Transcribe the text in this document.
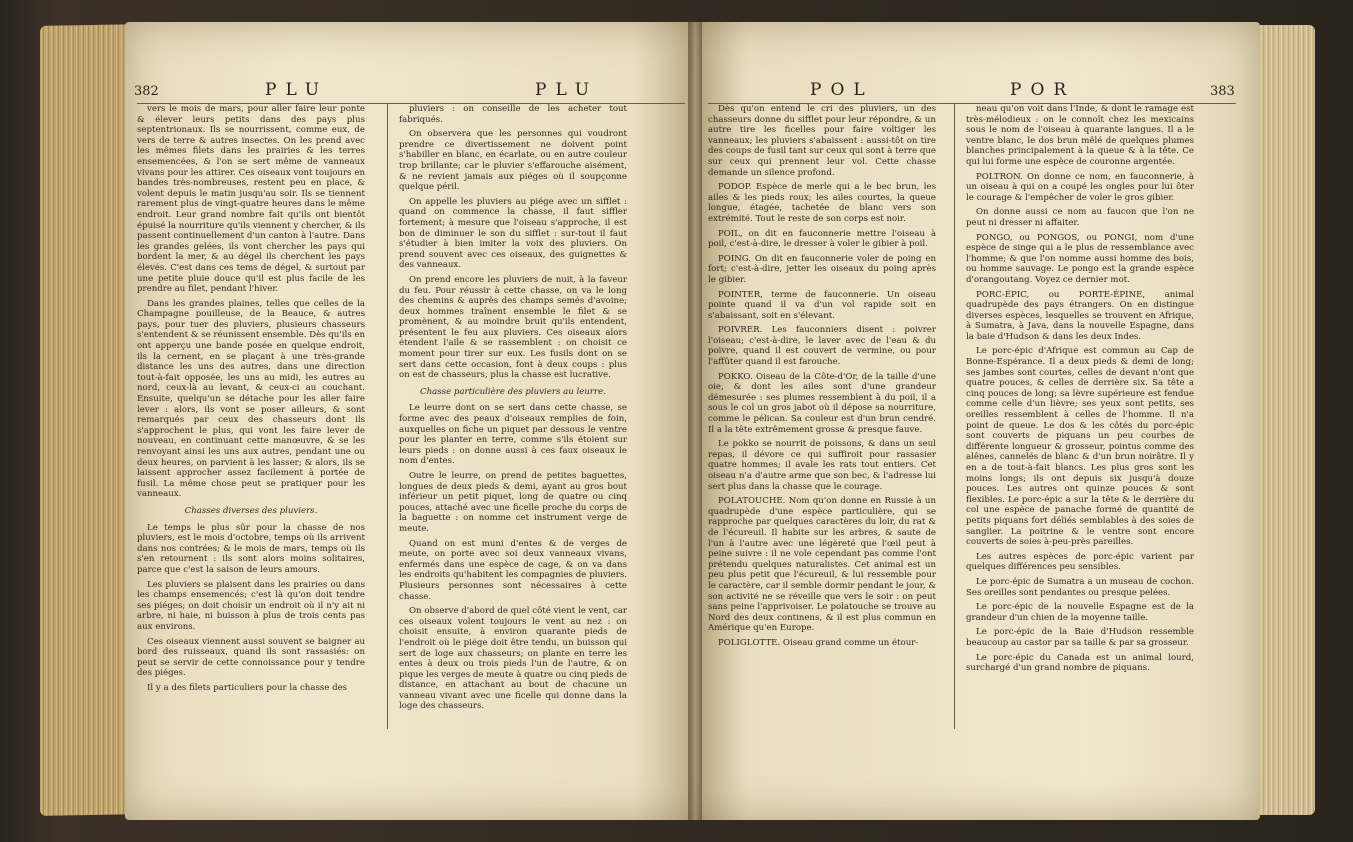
382	PLU	PLU

vers le mois de mars, pour aller faire leur ponte & élever leurs petits dans des pays plus septentrionaux. Ils se nourrissent, comme eux, de vers de terre & autres insectes. On les prend avec les mêmes filets dans les prairies & les terres ensemencées, & l'on se sert même de vanneaux vivans pour les attirer. Ces oiseaux vont toujours en bandes très-nombreuses, restent peu en place, & volent depuis le matin jusqu'au soir. Ils se tiennent rarement plus de vingt-quatre heures dans le même endroit. Leur grand nombre fait qu'ils ont bientôt épuisé la nourriture qu'ils viennent y chercher, & ils passent continuellement d'un canton à l'autre. Dans les grandes gelées, ils vont chercher les pays qui bordent la mer, & au dégel ils cherchent les pays élevés. C'est dans ces tems de dégel, & surtout par une petite pluie douce qu'il est plus facile de les prendre au filet, pendant l'hiver.

Dans les grandes plaines, telles que celles de la Champagne pouilleuse, de la Beauce, & autres pays, pour tuer des pluviers, plusieurs chasseurs s'entendent & se réunissent ensemble. Dès qu'ils en ont apperçu une bande posée en quelque endroit, ils la cernent, en se plaçant à une très-grande distance les uns des autres, dans une direction tout-à-fait opposée, les uns au midi, les autres au nord, ceux-là au levant, & ceux-ci au couchant. Ensuite, quelqu'un se détache pour les aller faire lever : alors, ils vont se poser ailleurs, & sont remarqués par ceux des chasseurs dont ils s'approchent le plus, qui vont les faire lever de nouveau, en continuant cette manœuvre, & se les renvoyant ainsi les uns aux autres, pendant une ou deux heures, on parvient à les lasser; & alors, ils se laissent approcher assez facilement à portée de fusil. La même chose peut se pratiquer pour les vanneaux.

Chasses diverses des pluviers.

Le temps le plus sûr pour la chasse de nos pluviers, est le mois d'octobre, temps où ils arrivent dans nos contrées; & le mois de mars, temps où ils s'en retournent : ils sont alors moins solitaires, parce que c'est la saison de leurs amours.

Les pluviers se plaisent dans les prairies ou dans les champs ensemencés; c'est là qu'on doit tendre ses piéges; on doit choisir un endroit où il n'y ait ni arbre, ni haie, ni buisson à plus de trois cents pas aux environs.

Ces oiseaux viennent aussi souvent se baigner au bord des ruisseaux, quand ils sont rassasiés: on peut se servir de cette connoissance pour y tendre des piéges.

Il y a des filets particuliers pour la chasse des

pluviers : on conseille de les acheter tout fabriqués.

On observera que les personnes qui voudront prendre ce divertissement ne doivent point s'habiller en blanc, en écarlate, ou en autre couleur trop brillante; car le pluvier s'effarouche aisément, & ne revient jamais aux piéges où il soupçonne quelque péril.

On appelle les pluviers au piége avec un sifflet : quand on commence la chasse, il faut siffler fortement; à mesure que l'oiseau s'approche, il est bon de diminuer le son du sifflet : sur-tout il faut s'étudier à bien imiter la voix des pluviers. On prend souvent avec ces oiseaux, des guignettes & des vanneaux.

On prend encore les pluviers de nuit, à la faveur du feu. Pour réussir à cette chasse, on va le long des chemins & auprès des champs semés d'avoine; deux hommes traînent ensemble le filet & se promènent, & au moindre bruit qu'ils entendent, présentent le feu aux pluviers. Ces oiseaux alors étendent l'aile & se rassemblent : on choisit ce moment pour tirer sur eux. Les fusils dont on se sert dans cette occasion, font à deux coups : plus on est de chasseurs, plus la chasse est lucrative.

Chasse particulière des pluviers au leurre.

Le leurre dont on se sert dans cette chasse, se forme avec des peaux d'oiseaux remplies de foin, auxquelles on fiche un piquet par dessous le ventre pour les planter en terre, comme s'ils étoient sur leurs pieds : on donne aussi à ces faux oiseaux le nom d'entes.

Outre le leurre, on prend de petites baguettes, longues de deux pieds & demi, ayant au gros bout inférieur un petit piquet, long de quatre ou cinq pouces, attaché avec une ficelle proche du corps de la baguette : on nomme cet instrument verge de meute.

Quand on est muni d'entes & de verges de meute, on porte avec soi deux vanneaux vivans, enfermés dans une espèce de cage, & on va dans les endroits qu'habitent les compagnies de pluviers. Plusieurs personnes sont nécessaires à cette chasse.

On observe d'abord de quel côté vient le vent, car ces oiseaux volent toujours le vent au nez : on choisit ensuite, à environ quarante pieds de l'endroit où le piége doit être tendu, un buisson qui sert de loge aux chasseurs; on plante en terre les entes à deux ou trois pieds l'un de l'autre, & on pique les verges de meute à quatre ou cinq pieds de distance, en attachant au bout de chacune un vanneau vivant avec une ficelle qui donne dans la loge des chasseurs.

POL	POR	383

Dès qu'on entend le cri des pluviers, un des chasseurs donne du sifflet pour leur répondre, & un autre tire les ficelles pour faire voltiger les vanneaux; les pluviers s'abaissent : aussi-tôt on tire des coups de fusil tant sur ceux qui sont à terre que sur ceux qui prennent leur vol. Cette chasse demande un silence profond.

PODOP. Espèce de merle qui a le bec brun, les ailes & les pieds roux; les ailes courtes, la queue longue, étagée, tachetée de blanc vers son extrémité. Tout le reste de son corps est noir.

POIL, on dit en fauconnerie mettre l'oiseau à poil, c'est-à-dire, le dresser à voler le gibier à poil.

POING. On dit en fauconnerie voler de poing en fort; c'est-à-dire, jetter les oiseaux du poing après le gibier.

POINTER, terme de fauconnerie. Un oiseau pointe quand il va d'un vol rapide soit en s'abaissant, soit en s'élevant.

POIVRER. Les fauconniers disent : poivrer l'oiseau; c'est-à-dire, le laver avec de l'eau & du poivre, quand il est couvert de vermine, ou pour l'affûter quand il est farouche.

POKKO. Oiseau de la Côte-d'Or, de la taille d'une oie, & dont les ailes sont d'une grandeur démesurée : ses plumes ressemblent à du poil, il a sous le col un gros jabot où il dépose sa nourriture, comme le pélican. Sa couleur est d'un brun cendré. Il a la tête extrêmement grosse & presque fauve.

Le pokko se nourrit de poissons, & dans un seul repas, il dévore ce qui suffiroit pour rassasier quatre hommes; il avale les rats tout entiers. Cet oiseau n'a d'autre arme que son bec, & l'adresse lui sert plus dans la chasse que le courage.

POLATOUCHE. Nom qu'on donne en Russie à un quadrupède d'une espèce particulière, qui se rapproche par quelques caractères du loir, du rat & de l'écureuil. Il habite sur les arbres, & saute de l'un à l'autre avec une légèreté que l'œil peut à peine suivre : il ne vole cependant pas comme l'ont prétendu quelques naturalistes. Cet animal est un peu plus petit que l'écureuil, & lui ressemble pour le caractère, car il semble dormir pendant le jour, & son activité ne se réveille que vers le soir : on peut sans peine l'apprivoiser. Le polatouche se trouve au Nord des deux continens, & il est plus commun en Amérique qu'en Europe.

POLIGLOTTE. Oiseau grand comme un étour-

neau qu'on voit dans l'Inde, & dont le ramage est très-mélodieux : on le connoît chez les mexicains sous le nom de l'oiseau à quarante langues. Il a le ventre blanc, le dos brun mêlé de quelques plumes blanches principalement à la queue & à la tête. Ce qui lui forme une espèce de couronne argentée.

POLTRON. On donne ce nom, en fauconnerie, à un oiseau à qui on a coupé les ongles pour lui ôter le courage & l'empêcher de voler le gros gibier.

On donne aussi ce nom au faucon que l'on ne peut ni dresser ni affaiter.

PONGO, ou PONGOS, ou PONGI, nom d'une espèce de singe qui a le plus de ressemblance avec l'homme; & que l'on nomme aussi homme des bois, ou homme sauvage. Le pongo est la grande espèce d'orangoutang. Voyez ce dernier mot.

PORC-ÉPIC, ou PORTE-ÉPINE, animal quadrupède des pays étrangers. On en distingue diverses espèces, lesquelles se trouvent en Afrique, à Sumatra, à Java, dans la nouvelle Espagne, dans la baie d'Hudson & dans les deux Indes.

Le porc-épic d'Afrique est commun au Cap de Bonne-Espérance. Il a deux pieds & demi de long; ses jambes sont courtes, celles de devant n'ont que quatre pouces, & celles de derrière six. Sa tête a cinq pouces de long; sa lèvre supérieure est fendue comme celle d'un lièvre; ses yeux sont petits, ses oreilles ressemblent à celles de l'homme. Il n'a point de queue. Le dos & les côtés du porc-épic sont couverts de piquans un peu courbes de différente longueur & grosseur, pointus comme des alênes, cannelés de blanc & d'un brun noirâtre. Il y en a de tout-à-fait blancs. Les plus gros sont les moins longs; ils ont depuis six jusqu'à douze pouces. Les autres ont quinze pouces & sont flexibles. Le porc-épic a sur la tête & le derrière du col une espèce de panache formé de quantité de petits piquans fort déliés semblables à des soies de sanglier. La poitrine & le ventre sont encore couverts de soies à-peu-près pareilles.

Les autres espèces de porc-épic varient par quelques différences peu sensibles.

Le porc-épic de Sumatra a un museau de cochon. Ses oreilles sont pendantes ou presque pelées.

Le porc-épic de la nouvelle Espagne est de la grandeur d'un chien de la moyenne taille.

Le porc-épic de la Baie d'Hudson ressemble beaucoup au castor par sa taille & par sa grosseur.

Le porc-épic du Canada est un animal lourd, surchargé d'un grand nombre de piquans.
